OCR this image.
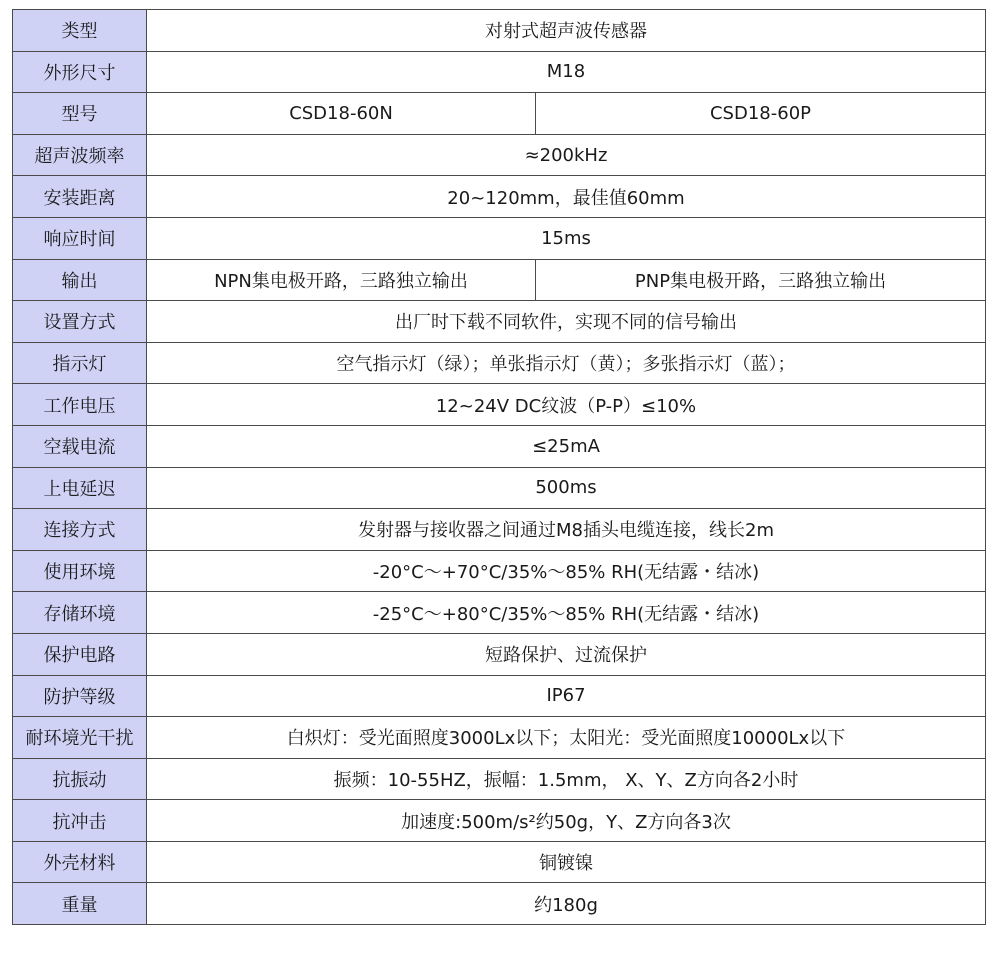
类型	对射式超声波传感器	
外形尺寸	M18	
型号	CSD18-60N	CSD18-60P
超声波频率	≈200kHz	
安装距离	20~120mm，最佳值60mm	
响应时间	15ms	
输出	NPN集电极开路，三路独立输出	PNP集电极开路，三路独立输出
设置方式	出厂时下载不同软件，实现不同的信号输出	
指示灯	空气指示灯（绿）；单张指示灯（黄）；多张指示灯（蓝）；	
工作电压	12~24V DC纹波（P-P）≤10%	
空载电流	≤25mA	
上电延迟	500ms	
连接方式	发射器与接收器之间通过M8插头电缆连接，线长2m	
使用环境	-20°C～+70°C/35%～85% RH(无结露・结冰)	
存储环境	-25°C～+80°C/35%～85% RH(无结露・结冰)	
保护电路	短路保护、过流保护	
防护等级	IP67	
耐环境光干扰	白炽灯：受光面照度3000Lx以下；太阳光：受光面照度10000Lx以下	
抗振动	振频：10-55HZ，振幅：1.5mm， X、Y、Z方向各2小时	
抗冲击	加速度:500m/s²约50g，Y、Z方向各3次	
外壳材料	铜镀镍	
重量	约180g	
